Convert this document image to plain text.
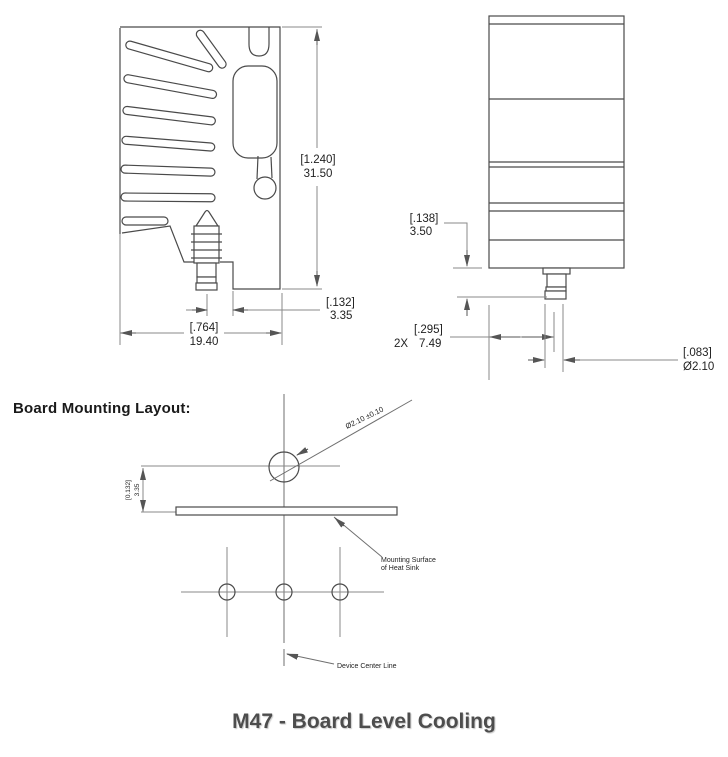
[1.240]
31.50
[.132]
3.35
[.764]
19.40
[.138]
3.50
2X
[.295]
7.49
[.083]
Ø2.10
Ø2.10 ±0.10
[0.132] 3.35
Mounting Surface
of Heat Sink
Device Center Line
Board Mounting Layout:
M47 - Board Level Cooling
